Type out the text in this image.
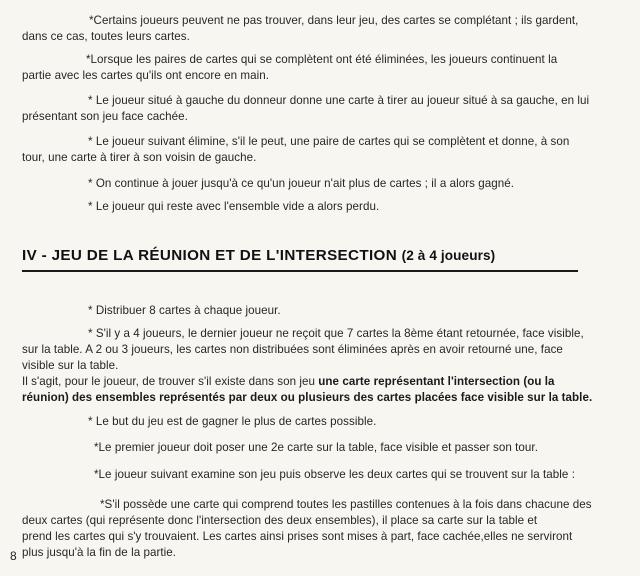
*Certains joueurs peuvent ne pas trouver, dans leur jeu, des cartes se complétant ; ils gardent,
dans ce cas, toutes leurs cartes.

*Lorsque les paires de cartes qui se complètent ont été éliminées, les joueurs continuent la
partie avec les cartes qu'ils ont encore en main.

* Le joueur situé à gauche du donneur donne une carte à tirer au joueur situé à sa gauche, en lui
présentant son jeu face cachée.

* Le joueur suivant élimine, s'il le peut, une paire de cartes qui se complètent et donne, à son
tour, une carte à tirer à son voisin de gauche.

* On continue à jouer jusqu'à ce qu'un joueur n'ait plus de cartes ; il a alors gagné.

* Le joueur qui reste avec l'ensemble vide a alors perdu.

IV - JEU DE LA RÉUNION ET DE L'INTERSECTION (2 à 4 joueurs)

* Distribuer 8 cartes à chaque joueur.

* S'il y a 4 joueurs, le dernier joueur ne reçoit que 7 cartes la 8ème étant retournée, face visible,
sur la table. A 2 ou 3 joueurs, les cartes non distribuées sont éliminées après en avoir retourné une, face
visible sur la table.

Il s'agit, pour le joueur, de trouver s'il existe dans son jeu une carte représentant l'intersection (ou la
réunion) des ensembles représentés par deux ou plusieurs des cartes placées face visible sur la table.

* Le but du jeu est de gagner le plus de cartes possible.

*Le premier joueur doit poser une 2e carte sur la table, face visible et passer son tour.

*Le joueur suivant examine son jeu puis observe les deux cartes qui se trouvent sur la table :

*S'il possède une carte qui comprend toutes les pastilles contenues à la fois dans chacune des
deux cartes (qui représente donc l'intersection des deux ensembles), il place sa carte sur la table et
prend les cartes qui s'y trouvaient. Les cartes ainsi prises sont mises à part, face cachée,elles ne serviront
plus jusqu'à la fin de la partie.

8
